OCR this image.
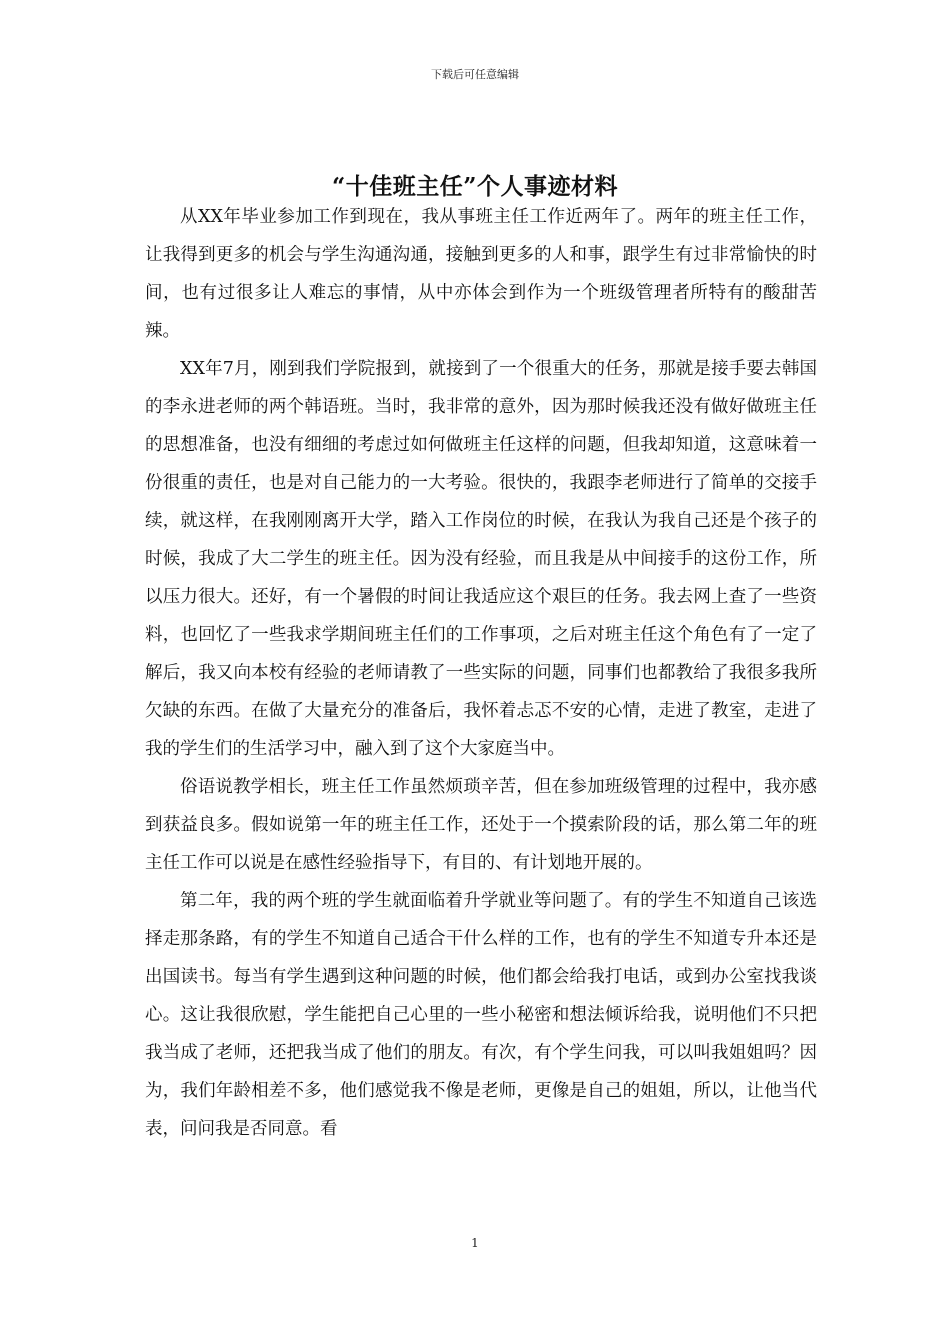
下载后可任意编辑
“十佳班主任”个人事迹材料

从XX年毕业参加工作到现在，我从事班主任工作近两年了。两年的班主任工作，让我得到更多的机会与学生沟通沟通，接触到更多的人和事，跟学生有过非常愉快的时间，也有过很多让人难忘的事情，从中亦体会到作为一个班级管理者所特有的酸甜苦辣。

XX年7月，刚到我们学院报到，就接到了一个很重大的任务，那就是接手要去韩国的李永进老师的两个韩语班。当时，我非常的意外，因为那时候我还没有做好做班主任的思想准备，也没有细细的考虑过如何做班主任这样的问题，但我却知道，这意味着一份很重的责任，也是对自己能力的一大考验。很快的，我跟李老师进行了简单的交接手续，就这样，在我刚刚离开大学，踏入工作岗位的时候，在我认为我自己还是个孩子的时候，我成了大二学生的班主任。因为没有经验，而且我是从中间接手的这份工作，所以压力很大。还好，有一个暑假的时间让我适应这个艰巨的任务。我去网上查了一些资料，也回忆了一些我求学期间班主任们的工作事项，之后对班主任这个角色有了一定了解后，我又向本校有经验的老师请教了一些实际的问题，同事们也都教给了我很多我所欠缺的东西。在做了大量充分的准备后，我怀着忐忑不安的心情，走进了教室，走进了我的学生们的生活学习中，融入到了这个大家庭当中。

俗语说教学相长，班主任工作虽然烦琐辛苦，但在参加班级管理的过程中，我亦感到获益良多。假如说第一年的班主任工作，还处于一个摸索阶段的话，那么第二年的班主任工作可以说是在感性经验指导下，有目的、有计划地开展的。

第二年，我的两个班的学生就面临着升学就业等问题了。有的学生不知道自己该选择走那条路，有的学生不知道自己适合干什么样的工作，也有的学生不知道专升本还是出国读书。每当有学生遇到这种问题的时候，他们都会给我打电话，或到办公室找我谈心。这让我很欣慰，学生能把自己心里的一些小秘密和想法倾诉给我，说明他们不只把我当成了老师，还把我当成了他们的朋友。有次，有个学生问我，可以叫我姐姐吗？因为，我们年龄相差不多，他们感觉我不像是老师，更像是自己的姐姐，所以，让他当代表，问问我是否同意。看

1
